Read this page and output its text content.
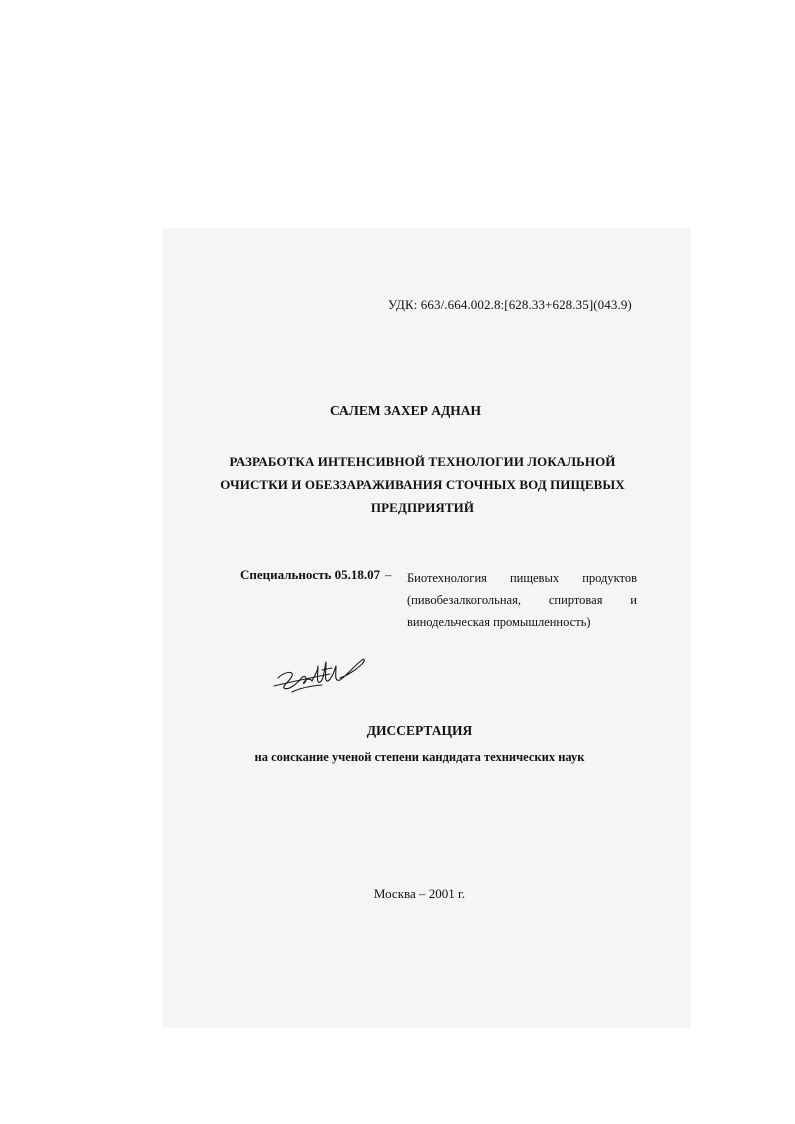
УДК: 663/.664.002.8:[628.33+628.35](043.9)
САЛЕМ ЗАХЕР АДНАН
РАЗРАБОТКА ИНТЕНСИВНОЙ ТЕХНОЛОГИИ ЛОКАЛЬНОЙ
ОЧИСТКИ И ОБЕЗЗАРАЖИВАНИЯ СТОЧНЫХ ВОД ПИЩЕВЫХ
ПРЕДПРИЯТИЙ
Специальность 05.18.07 – Биотехнология пищевых продуктов (пивобезалкогольная, спиртовая и винодельческая промышленность)
ДИССЕРТАЦИЯ
на соискание ученой степени кандидата технических наук
Москва – 2001 г.
